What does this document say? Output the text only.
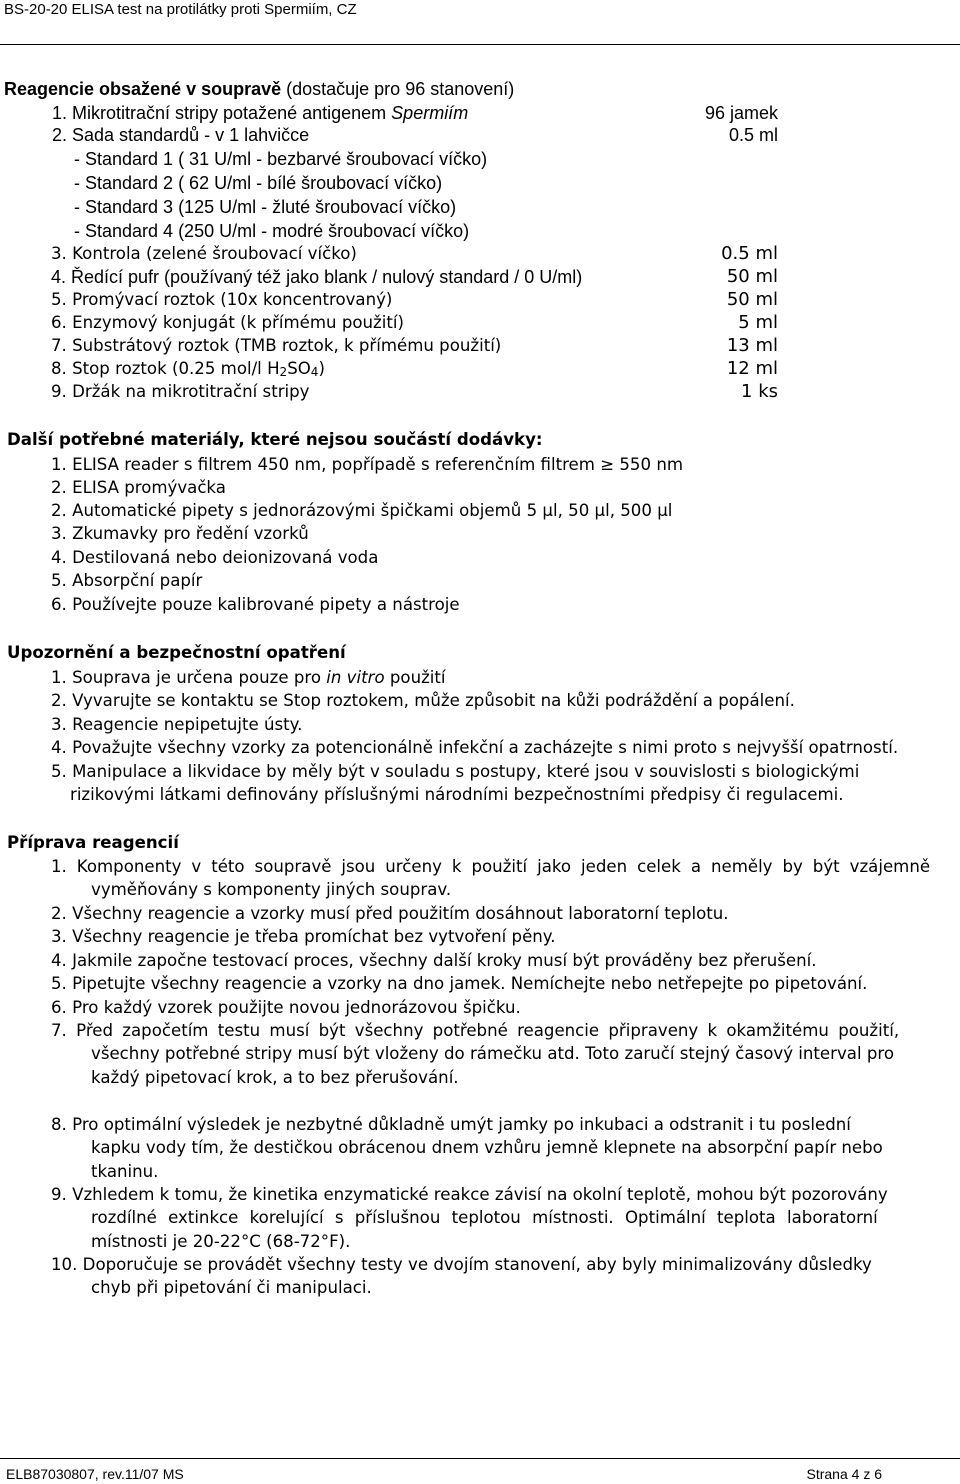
BS-20-20 ELISA test na protilátky proti Spermiím, CZ
Reagencie obsažené v soupravě (dostačuje pro 96 stanovení)
1. Mikrotitrační stripy potažené antigenem Spermiím	96 jamek
2. Sada standardů - v 1 lahvičce	0.5 ml
- Standard 1 ( 31 U/ml - bezbarvé šroubovací víčko)
- Standard 2 ( 62 U/ml - bílé šroubovací víčko)
- Standard 3 (125 U/ml - žluté šroubovací víčko)
- Standard 4 (250 U/ml - modré šroubovací víčko)
3. Kontrola (zelené šroubovací víčko)	0.5 ml
4. Ředící pufr (používaný též jako blank / nulový standard / 0 U/ml)	50 ml
5. Promývací roztok (10x koncentrovaný)	50 ml
6. Enzymový konjugát (k přímému použití)	5 ml
7. Substrátový roztok (TMB roztok, k přímému použití)	13 ml
8. Stop roztok (0.25 mol/l $H_2SO_4$)	12 ml
9. Držák na mikrotitrační stripy	1 ks
Další potřebné materiály, které nejsou součástí dodávky:
1. ELISA reader s filtrem 450 nm, popřípadě s referenčním filtrem ≥ 550 nm
2. ELISA promývačka
2. Automatické pipety s jednorázovými špičkami objemů 5 µl, 50 µl, 500 µl
3. Zkumavky pro ředění vzorků
4. Destilovaná nebo deionizovaná voda
5. Absorpční papír
6. Používejte pouze kalibrované pipety a nástroje
Upozornění a bezpečnostní opatření
1. Souprava je určena pouze pro in vitro použití
2. Vyvarujte se kontaktu se Stop roztokem, může způsobit na kůži podráždění a popálení.
3. Reagencie nepipetujte ústy.
4. Považujte všechny vzorky za potencionálně infekční a zacházejte s nimi proto s nejvyšší opatrností.
5. Manipulace a likvidace by měly být v souladu s postupy, které jsou v souvislosti s biologickými
rizikovými látkami definovány příslušnými národními bezpečnostními předpisy či regulacemi.
Příprava reagencií
1. Komponenty v této soupravě jsou určeny k použití jako jeden celek a neměly by být vzájemně
vyměňovány s komponenty jiných souprav.
2. Všechny reagencie a vzorky musí před použitím dosáhnout laboratorní teplotu.
3. Všechny reagencie je třeba promíchat bez vytvoření pěny.
4. Jakmile započne testovací proces, všechny další kroky musí být prováděny bez přerušení.
5. Pipetujte všechny reagencie a vzorky na dno jamek. Nemíchejte nebo netřepejte po pipetování.
6. Pro každý vzorek použijte novou jednorázovou špičku.
7. Před započetím testu musí být všechny potřebné reagencie připraveny k okamžitému použití,
všechny potřebné stripy musí být vloženy do rámečku atd. Toto zaručí stejný časový interval pro
každý pipetovací krok, a to bez přerušování.
8. Pro optimální výsledek je nezbytné důkladně umýt jamky po inkubaci a odstranit i tu poslední
kapku vody tím, že destičkou obrácenou dnem vzhůru jemně klepnete na absorpční papír nebo
tkaninu.
9. Vzhledem k tomu, že kinetika enzymatické reakce závisí na okolní teplotě, mohou být pozorovány
rozdílné extinkce korelující s příslušnou teplotou místnosti. Optimální teplota laboratorní
místnosti je 20-22°C (68-72°F).
10. Doporučuje se provádět všechny testy ve dvojím stanovení, aby byly minimalizovány důsledky
chyb při pipetování či manipulaci.
ELB87030807, rev.11/07 MS	Strana 4 z 6
